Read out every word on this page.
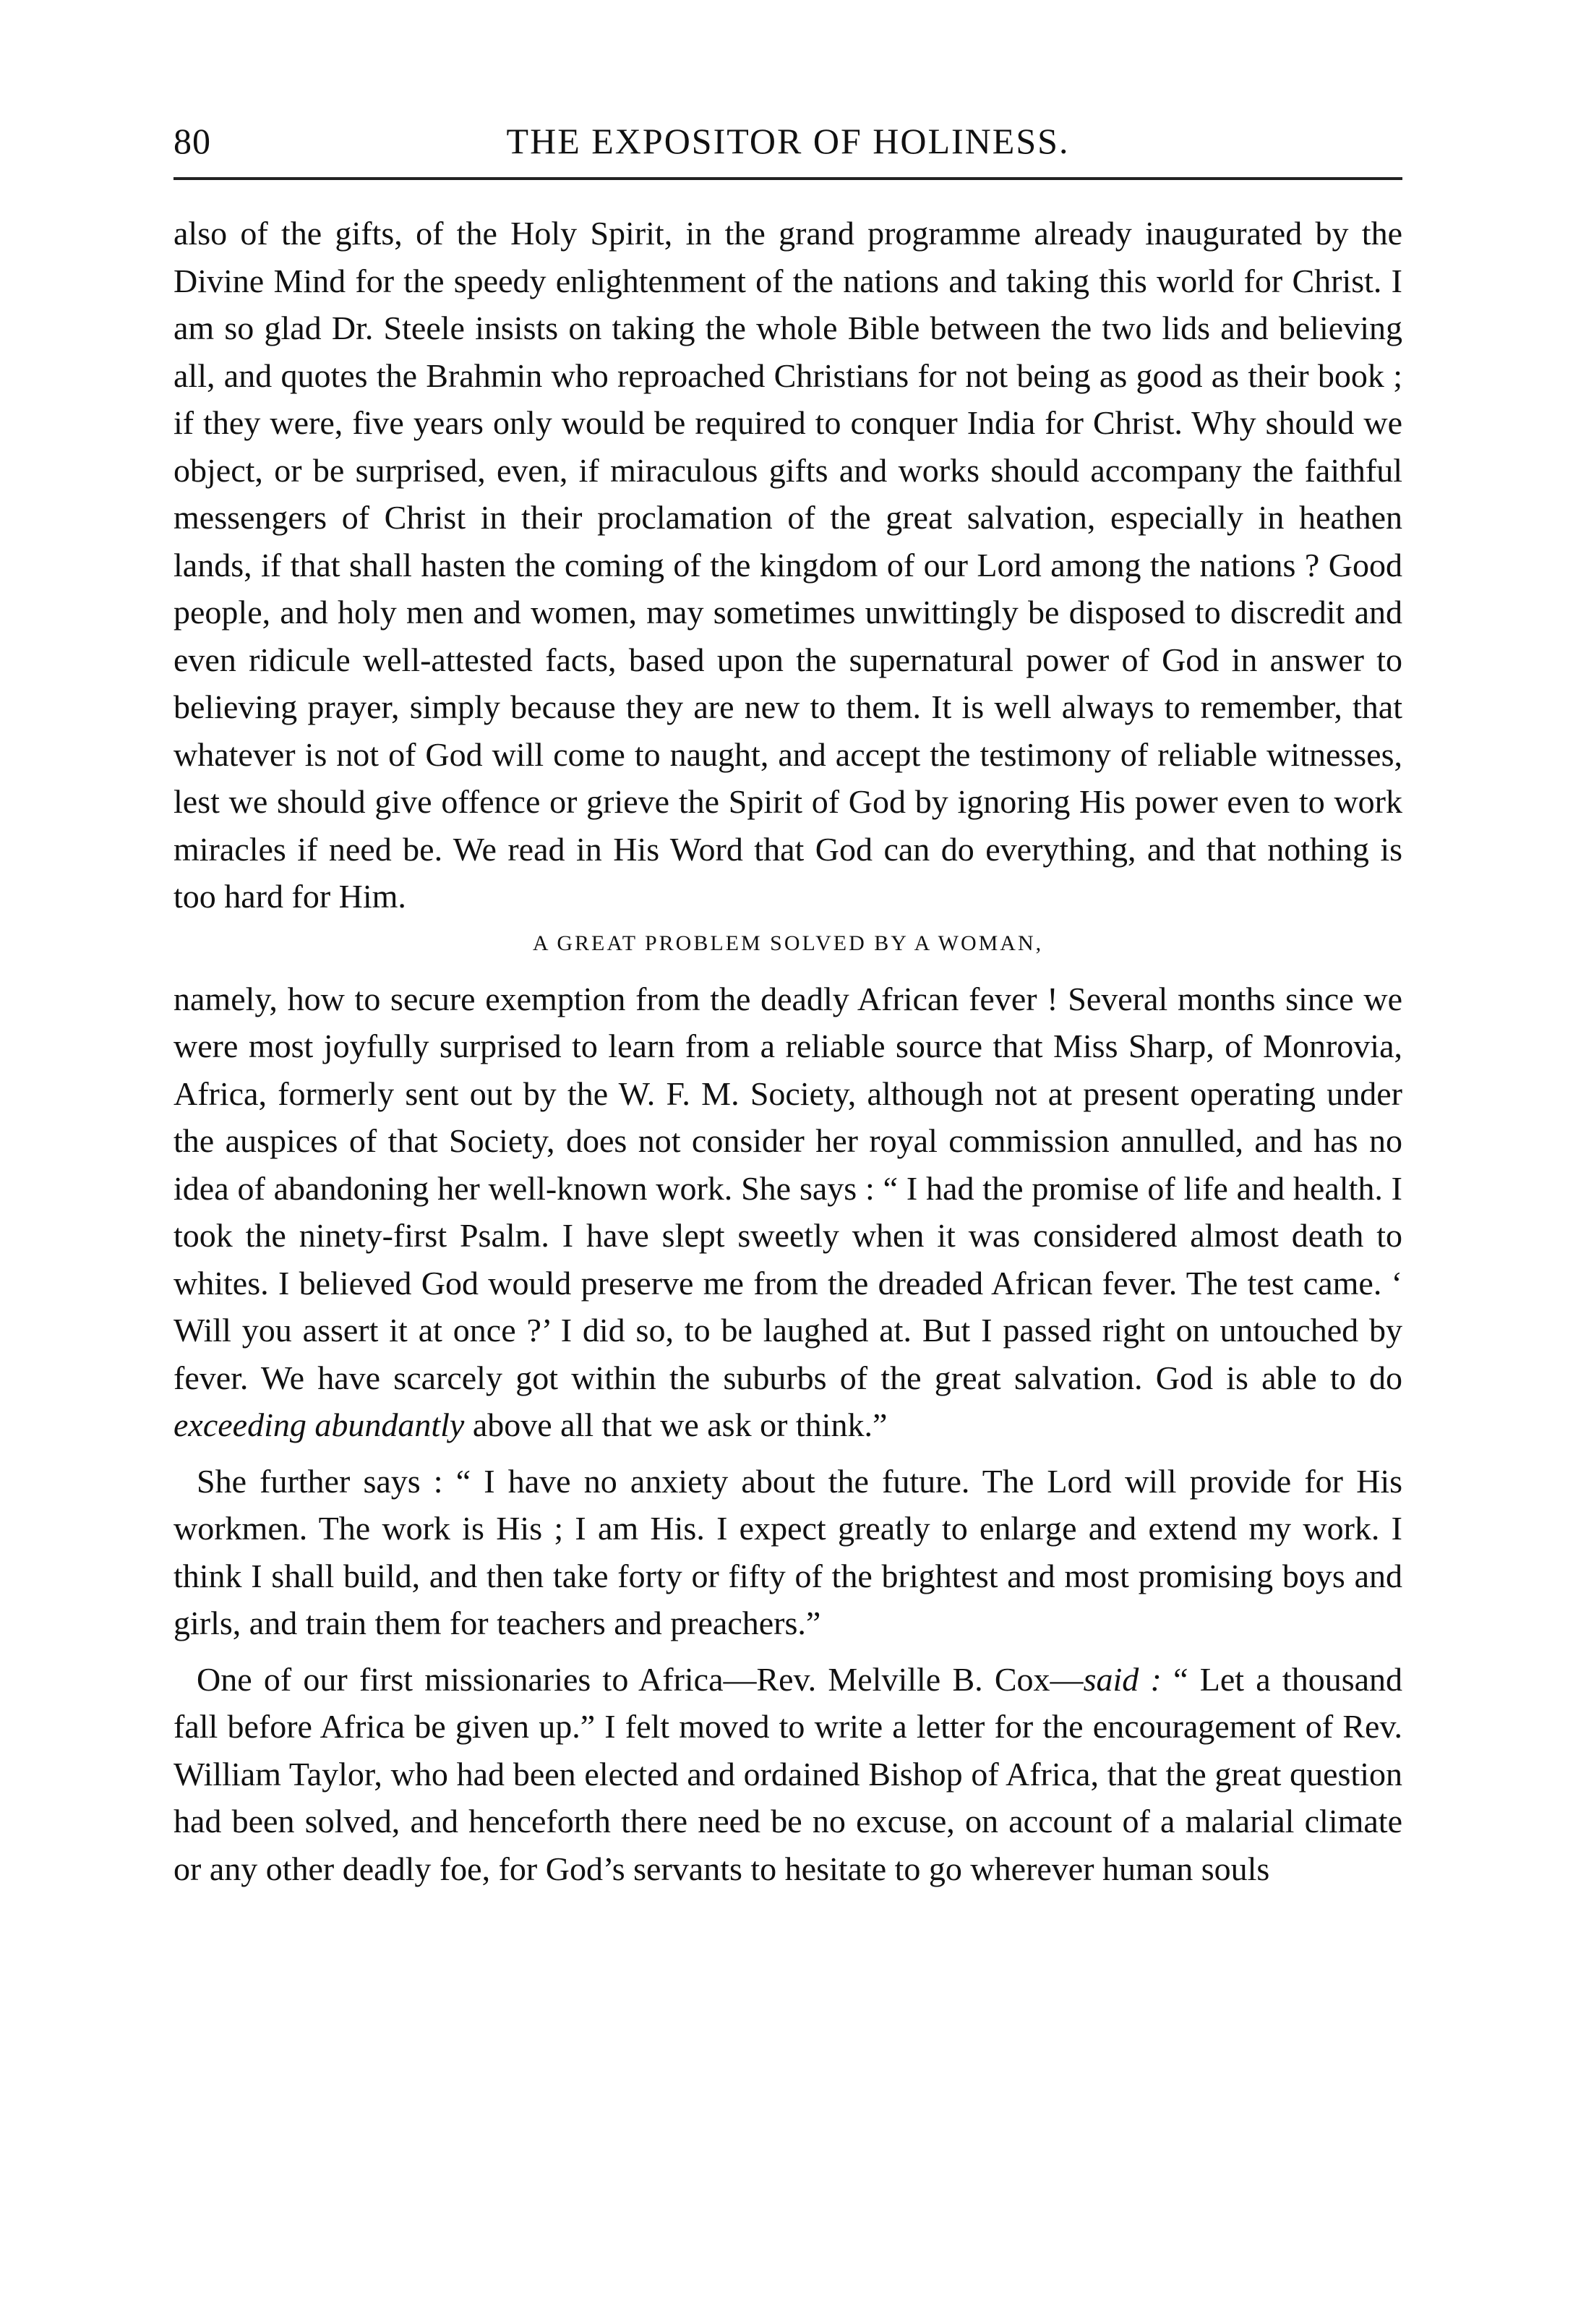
80	THE EXPOSITOR OF HOLINESS.

also of the gifts, of the Holy Spirit, in the grand programme already inaugurated by the Divine Mind for the speedy enlightenment of the nations and taking this world for Christ. I am so glad Dr. Steele insists on taking the whole Bible between the two lids and believing all, and quotes the Brahmin who reproached Christians for not being as good as their book ; if they were, five years only would be required to conquer India for Christ. Why should we object, or be surprised, even, if miraculous gifts and works should accompany the faithful messengers of Christ in their proclamation of the great salvation, especially in heathen lands, if that shall hasten the coming of the kingdom of our Lord among the nations ? Good people, and holy men and women, may sometimes unwittingly be disposed to discredit and even ridicule well-attested facts, based upon the supernatural power of God in answer to believing prayer, simply because they are new to them. It is well always to remember, that whatever is not of God will come to naught, and accept the testimony of reliable witnesses, lest we should give offence or grieve the Spirit of God by ignoring His power even to work miracles if need be. We read in His Word that God can do everything, and that nothing is too hard for Him.

A GREAT PROBLEM SOLVED BY A WOMAN,

namely, how to secure exemption from the deadly African fever ! Several months since we were most joyfully surprised to learn from a reliable source that Miss Sharp, of Monrovia, Africa, formerly sent out by the W. F. M. Society, although not at present operating under the auspices of that Society, does not consider her royal commission annulled, and has no idea of abandoning her well-known work. She says : “ I had the promise of life and health. I took the ninety-first Psalm. I have slept sweetly when it was considered almost death to whites. I believed God would preserve me from the dreaded African fever. The test came. ‘ Will you assert it at once ?’ I did so, to be laughed at. But I passed right on untouched by fever. We have scarcely got within the suburbs of the great salvation. God is able to do exceeding abundantly above all that we ask or think.”

She further says : “ I have no anxiety about the future. The Lord will provide for His workmen. The work is His ; I am His. I expect greatly to enlarge and extend my work. I think I shall build, and then take forty or fifty of the brightest and most promising boys and girls, and train them for teachers and preachers.”

One of our first missionaries to Africa—Rev. Melville B. Cox—said : “ Let a thousand fall before Africa be given up.” I felt moved to write a letter for the encouragement of Rev. William Taylor, who had been elected and ordained Bishop of Africa, that the great question had been solved, and henceforth there need be no excuse, on account of a malarial climate or any other deadly foe, for God’s servants to hesitate to go wherever human souls
